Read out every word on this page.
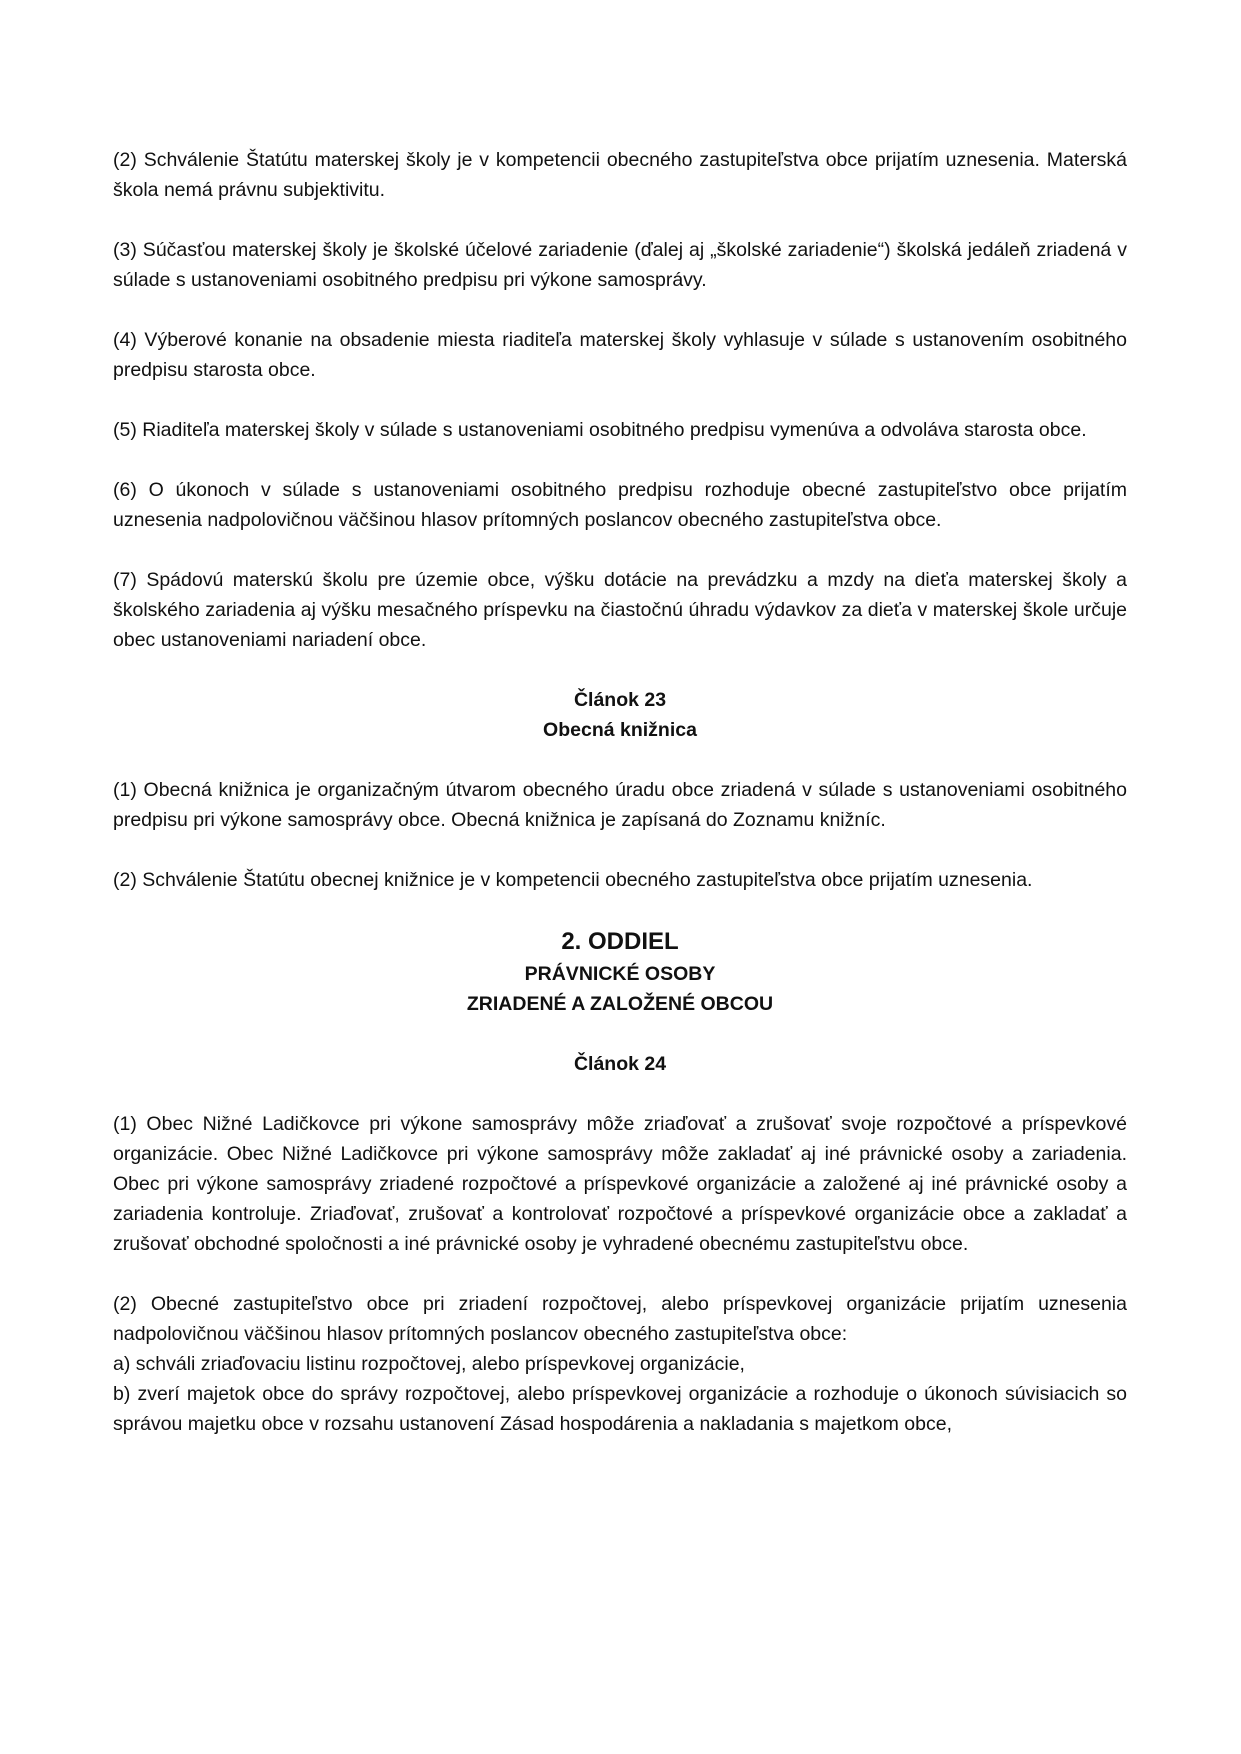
(2) Schválenie Štatútu materskej školy je v kompetencii obecného zastupiteľstva obce prijatím uznesenia. Materská škola nemá právnu subjektivitu.

(3) Súčasťou materskej školy je školské účelové zariadenie (ďalej aj „školské zariadenie“) školská jedáleň zriadená v súlade s ustanoveniami osobitného predpisu pri výkone samosprávy.

(4) Výberové konanie na obsadenie miesta riaditeľa materskej školy vyhlasuje v súlade s ustanovením osobitného predpisu starosta obce.

(5) Riaditeľa materskej školy v súlade s ustanoveniami osobitného predpisu vymenúva a odvoláva starosta obce.

(6) O úkonoch v súlade s ustanoveniami osobitného predpisu rozhoduje obecné zastupiteľstvo obce prijatím uznesenia nadpolovičnou väčšinou hlasov prítomných poslancov obecného zastupiteľstva obce.

(7) Spádovú materskú školu pre územie obce, výšku dotácie na prevádzku a mzdy na dieťa materskej školy a školského zariadenia aj výšku mesačného príspevku na čiastočnú úhradu výdavkov za dieťa v materskej škole určuje obec ustanoveniami nariadení obce.

Článok 23

Obecná knižnica

(1) Obecná knižnica je organizačným útvarom obecného úradu obce zriadená v súlade s ustanoveniami osobitného predpisu pri výkone samosprávy obce. Obecná knižnica je zapísaná do Zoznamu knižníc.

(2) Schválenie Štatútu obecnej knižnice je v kompetencii obecného zastupiteľstva obce prijatím uznesenia.

2. ODDIEL

PRÁVNICKÉ OSOBY

ZRIADENÉ A ZALOŽENÉ OBCOU

Článok 24

(1) Obec Nižné Ladičkovce pri výkone samosprávy môže zriaďovať a zrušovať svoje rozpočtové a príspevkové organizácie. Obec Nižné Ladičkovce pri výkone samosprávy môže zakladať aj iné právnické osoby a zariadenia. Obec pri výkone samosprávy zriadené rozpočtové a príspevkové organizácie a založené aj iné právnické osoby a zariadenia kontroluje. Zriaďovať, zrušovať a kontrolovať rozpočtové a príspevkové organizácie obce a zakladať a zrušovať obchodné spoločnosti a iné právnické osoby je vyhradené obecnému zastupiteľstvu obce.

(2) Obecné zastupiteľstvo obce pri zriadení rozpočtovej, alebo príspevkovej organizácie prijatím uznesenia nadpolovičnou väčšinou hlasov prítomných poslancov obecného zastupiteľstva obce:

a) schváli zriaďovaciu listinu rozpočtovej, alebo príspevkovej organizácie,

b) zverí majetok obce do správy rozpočtovej, alebo príspevkovej organizácie a rozhoduje o úkonoch súvisiacich so správou majetku obce v rozsahu ustanovení Zásad hospodárenia a nakladania s majetkom obce,
